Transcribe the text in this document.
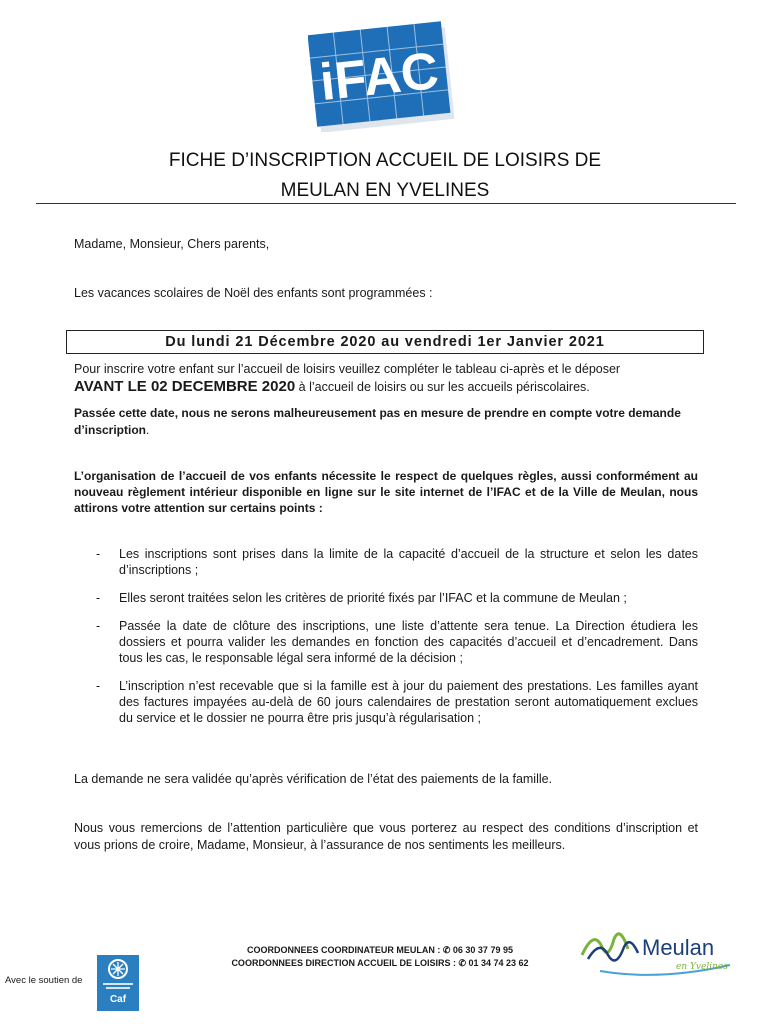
iFAC
FICHE D’INSCRIPTION ACCUEIL DE LOISIRS DE
MEULAN EN YVELINES
Madame, Monsieur, Chers parents,
Les vacances scolaires de Noël des enfants sont programmées :
Du lundi 21 Décembre 2020 au vendredi 1er Janvier 2021
Pour inscrire votre enfant sur l’accueil de loisirs veuillez compléter le tableau ci-après et le déposer
AVANT LE 02 DECEMBRE 2020 à l’accueil de loisirs ou sur les accueils périscolaires.
Passée cette date, nous ne serons malheureusement pas en mesure de prendre en compte votre demande d’inscription.
L’organisation de l’accueil de vos enfants nécessite le respect de quelques règles, aussi conformément au nouveau règlement intérieur disponible en ligne sur le site internet de l’IFAC et de la Ville de Meulan, nous attirons votre attention sur certains points :
- Les inscriptions sont prises dans la limite de la capacité d’accueil de la structure et selon les dates d’inscriptions ;
- Elles seront traitées selon les critères de priorité fixés par l’IFAC et la commune de Meulan ;
- Passée la date de clôture des inscriptions, une liste d’attente sera tenue. La Direction étudiera les dossiers et pourra valider les demandes en fonction des capacités d’accueil et d’encadrement. Dans tous les cas, le responsable légal sera informé de la décision ;
- L’inscription n’est recevable que si la famille est à jour du paiement des prestations. Les familles ayant des factures impayées au-delà de 60 jours calendaires de prestation seront automatiquement exclues du service et le dossier ne pourra être pris jusqu’à régularisation ;
La demande ne sera validée qu’après vérification de l’état des paiements de la famille.
Nous vous remercions de l’attention particulière que vous porterez au respect des conditions d’inscription et vous prions de croire, Madame, Monsieur, à l’assurance de nos sentiments les meilleurs.
COORDONNEES COORDINATEUR MEULAN : ✆ 06 30 37 79 95
COORDONNEES DIRECTION ACCUEIL DE LOISIRS : ✆ 01 34 74 23 62
Avec le soutien de
Caf
Meulan
en Yvelines
